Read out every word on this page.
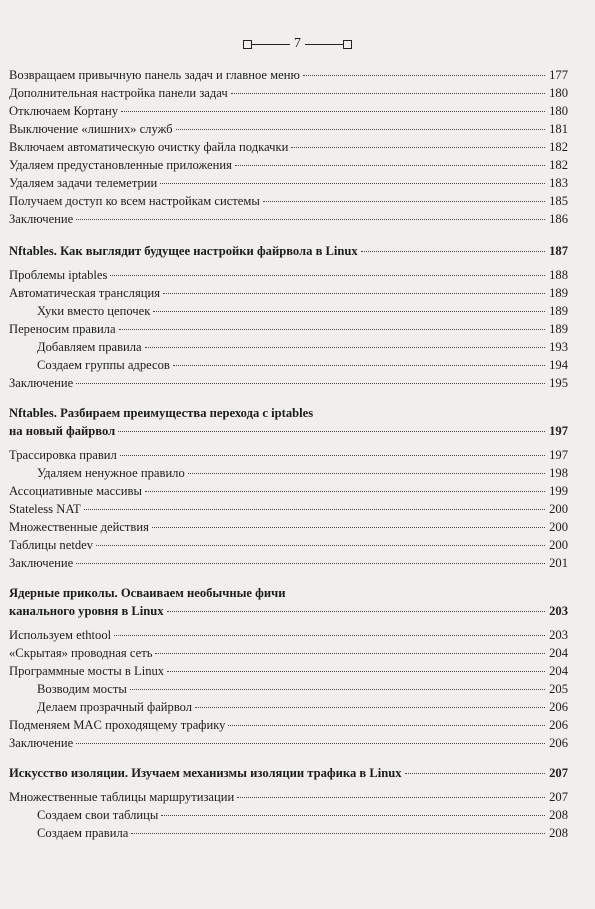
7
Возвращаем привычную панель задач и главное меню	177
Дополнительная настройка панели задач	180
Отключаем Кортану	180
Выключение «лишних» служб	181
Включаем автоматическую очистку файла подкачки	182
Удаляем предустановленные приложения	182
Удаляем задачи телеметрии	183
Получаем доступ ко всем настройкам системы	185
Заключение	186
Nftables. Как выглядит будущее настройки файрвола в Linux	187
Проблемы iptables	188
Автоматическая трансляция	189
Хуки вместо цепочек	189
Переносим правила	189
Добавляем правила	193
Создаем группы адресов	194
Заключение	195
Nftables. Разбираем преимущества перехода с iptables
на новый файрвол	197
Трассировка правил	197
Удаляем ненужное правило	198
Ассоциативные массивы	199
Stateless NAT	200
Множественные действия	200
Таблицы netdev	200
Заключение	201
Ядерные приколы. Осваиваем необычные фичи
канального уровня в Linux	203
Используем ethtool	203
«Скрытая» проводная сеть	204
Программные мосты в Linux	204
Возводим мосты	205
Делаем прозрачный файрвол	206
Подменяем MAC проходящему трафику	206
Заключение	206
Искусство изоляции. Изучаем механизмы изоляции трафика в Linux	207
Множественные таблицы маршрутизации	207
Создаем свои таблицы	208
Создаем правила	208
